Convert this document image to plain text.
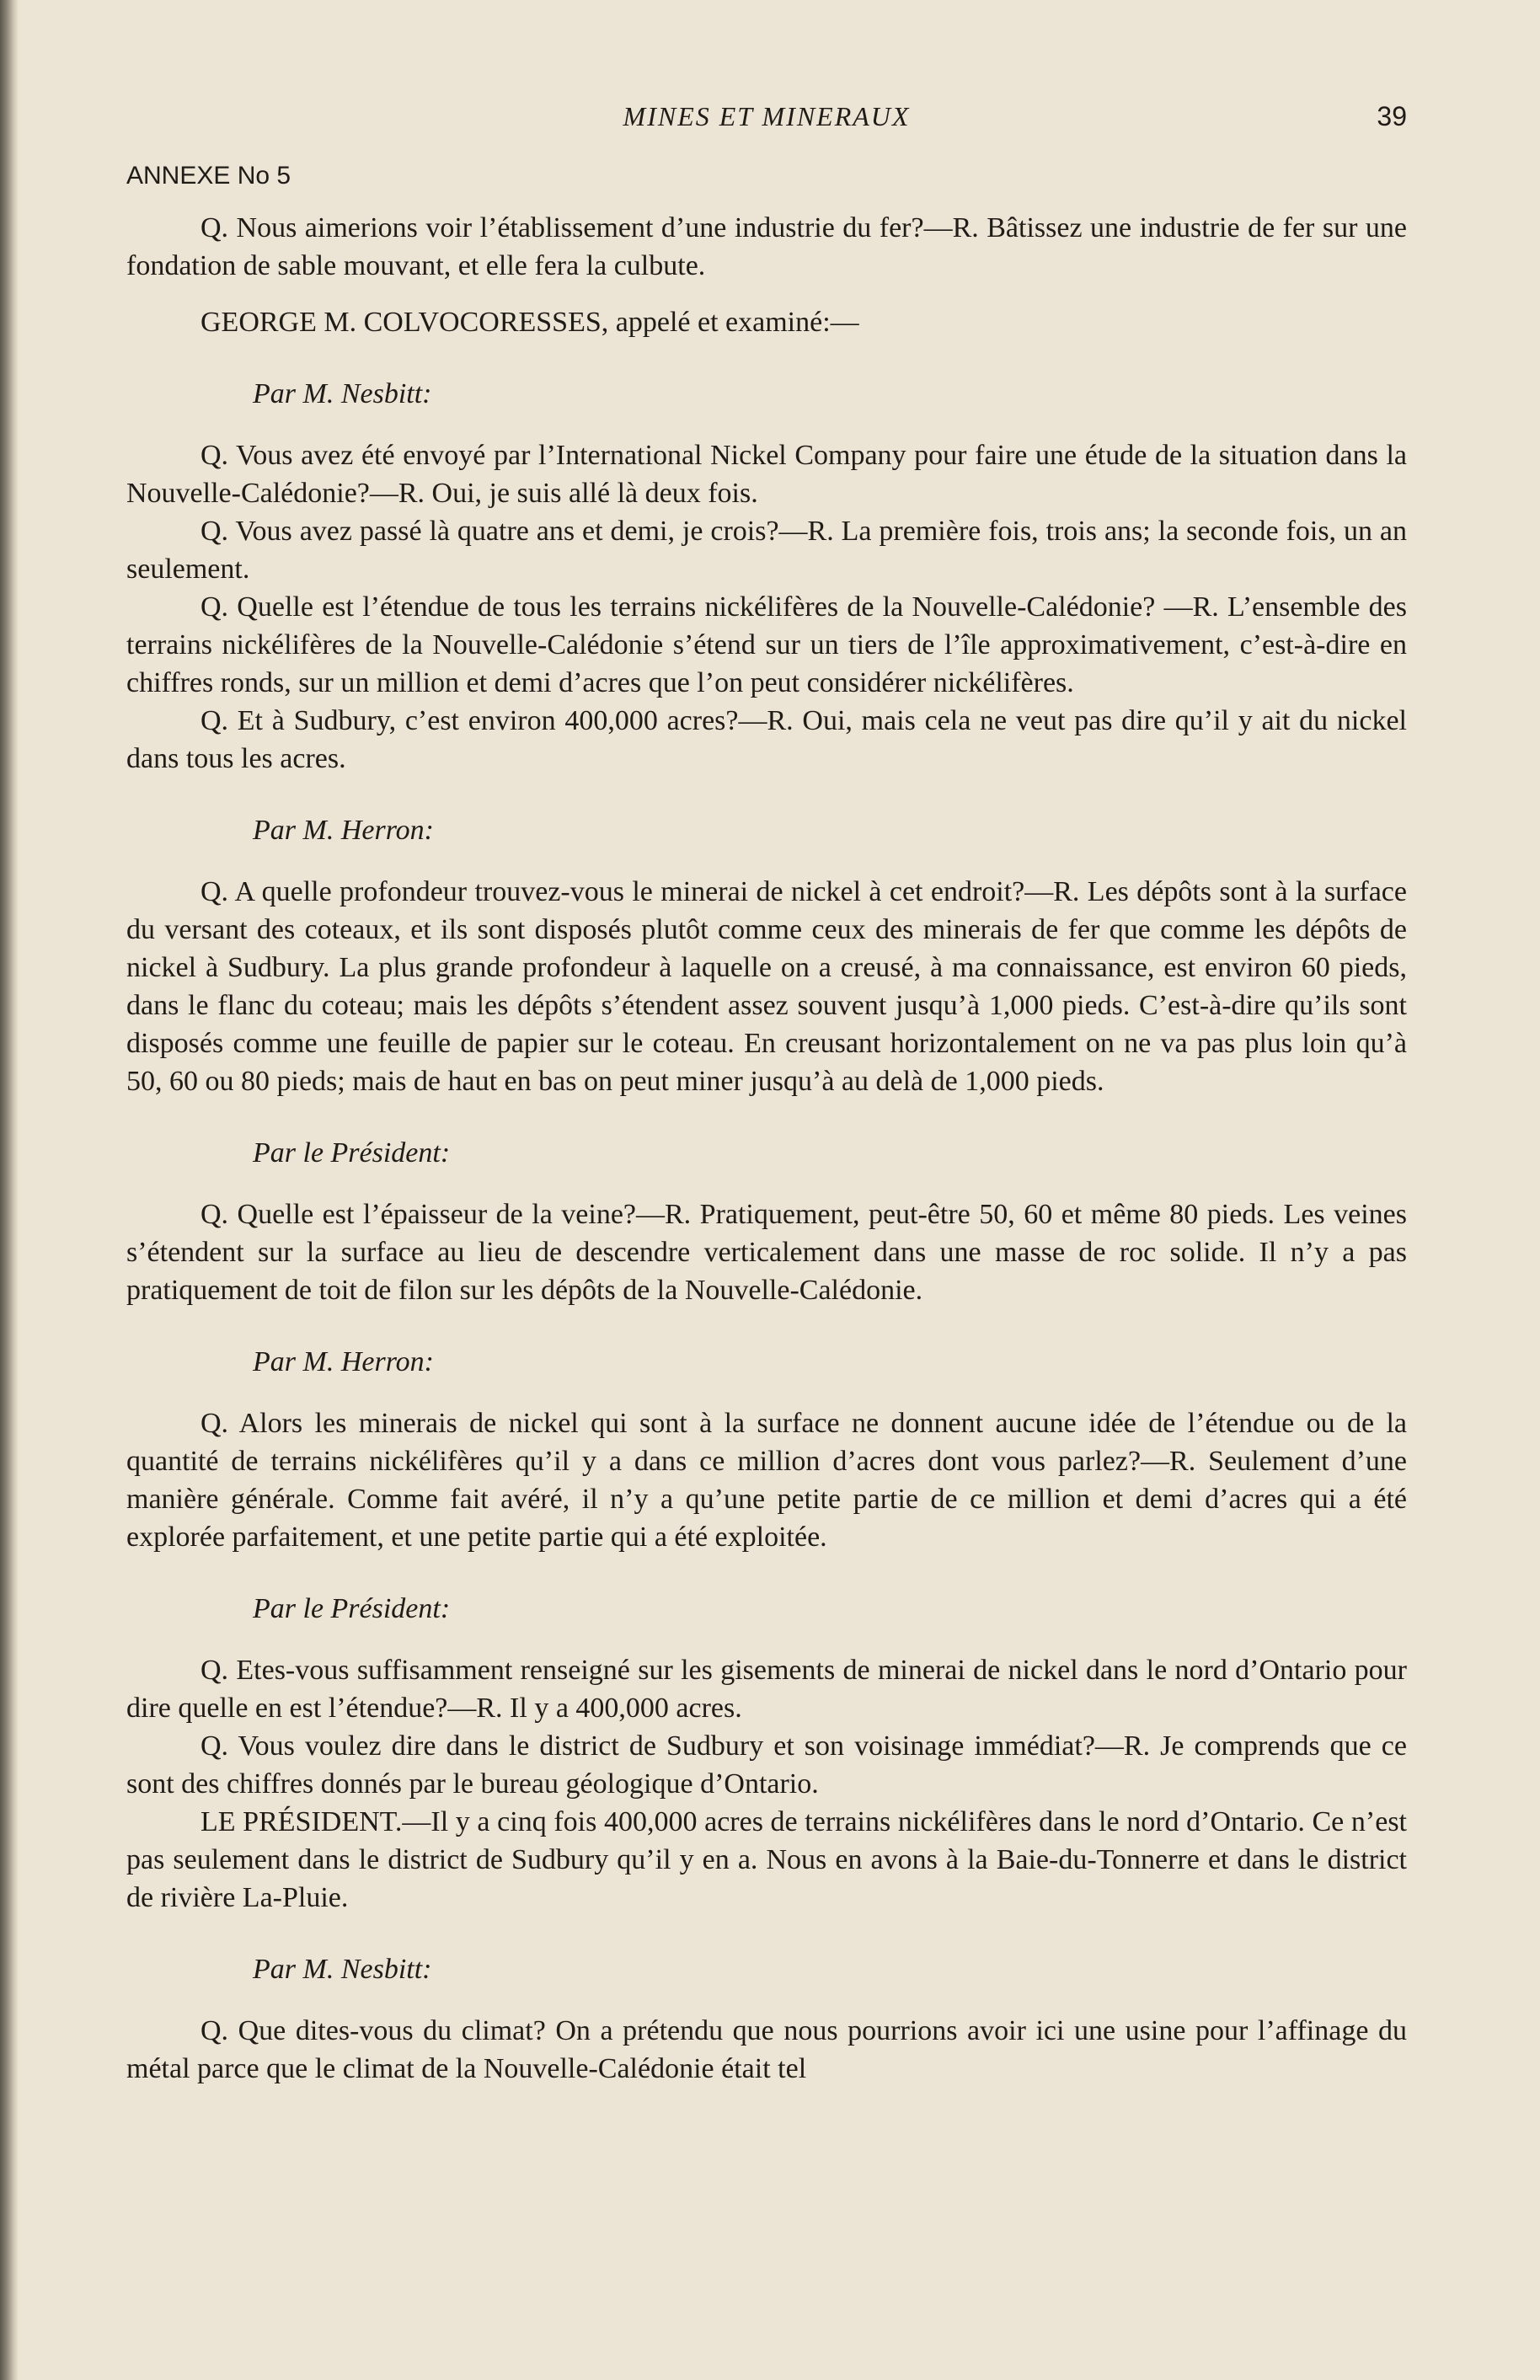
MINES ET MINERAUX	39
ANNEXE No 5

Q. Nous aimerions voir l’établissement d’une industrie du fer?—R. Bâtissez une industrie de fer sur une fondation de sable mouvant, et elle fera la culbute.

GEORGE M. COLVOCORESSES, appelé et examiné:—

Par M. Nesbitt:

Q. Vous avez été envoyé par l’International Nickel Company pour faire une étude de la situation dans la Nouvelle-Calédonie?—R. Oui, je suis allé là deux fois.

Q. Vous avez passé là quatre ans et demi, je crois?—R. La première fois, trois ans; la seconde fois, un an seulement.

Q. Quelle est l’étendue de tous les terrains nickélifères de la Nouvelle-Calédonie? —R. L’ensemble des terrains nickélifères de la Nouvelle-Calédonie s’étend sur un tiers de l’île approximativement, c’est-à-dire en chiffres ronds, sur un million et demi d’acres que l’on peut considérer nickélifères.

Q. Et à Sudbury, c’est environ 400,000 acres?—R. Oui, mais cela ne veut pas dire qu’il y ait du nickel dans tous les acres.

Par M. Herron:

Q. A quelle profondeur trouvez-vous le minerai de nickel à cet endroit?—R. Les dépôts sont à la surface du versant des coteaux, et ils sont disposés plutôt comme ceux des minerais de fer que comme les dépôts de nickel à Sudbury. La plus grande profondeur à laquelle on a creusé, à ma connaissance, est environ 60 pieds, dans le flanc du coteau; mais les dépôts s’étendent assez souvent jusqu’à 1,000 pieds. C’est-à-dire qu’ils sont disposés comme une feuille de papier sur le coteau. En creusant horizontalement on ne va pas plus loin qu’à 50, 60 ou 80 pieds; mais de haut en bas on peut miner jusqu’à au delà de 1,000 pieds.

Par le Président:

Q. Quelle est l’épaisseur de la veine?—R. Pratiquement, peut-être 50, 60 et même 80 pieds. Les veines s’étendent sur la surface au lieu de descendre verticalement dans une masse de roc solide. Il n’y a pas pratiquement de toit de filon sur les dépôts de la Nouvelle-Calédonie.

Par M. Herron:

Q. Alors les minerais de nickel qui sont à la surface ne donnent aucune idée de l’étendue ou de la quantité de terrains nickélifères qu’il y a dans ce million d’acres dont vous parlez?—R. Seulement d’une manière générale. Comme fait avéré, il n’y a qu’une petite partie de ce million et demi d’acres qui a été explorée parfaitement, et une petite partie qui a été exploitée.

Par le Président:

Q. Etes-vous suffisamment renseigné sur les gisements de minerai de nickel dans le nord d’Ontario pour dire quelle en est l’étendue?—R. Il y a 400,000 acres.

Q. Vous voulez dire dans le district de Sudbury et son voisinage immédiat?—R. Je comprends que ce sont des chiffres donnés par le bureau géologique d’Ontario.

LE PRÉSIDENT.—Il y a cinq fois 400,000 acres de terrains nickélifères dans le nord d’Ontario. Ce n’est pas seulement dans le district de Sudbury qu’il y en a. Nous en avons à la Baie-du-Tonnerre et dans le district de rivière La-Pluie.

Par M. Nesbitt:

Q. Que dites-vous du climat? On a prétendu que nous pourrions avoir ici une usine pour l’affinage du métal parce que le climat de la Nouvelle-Calédonie était tel
